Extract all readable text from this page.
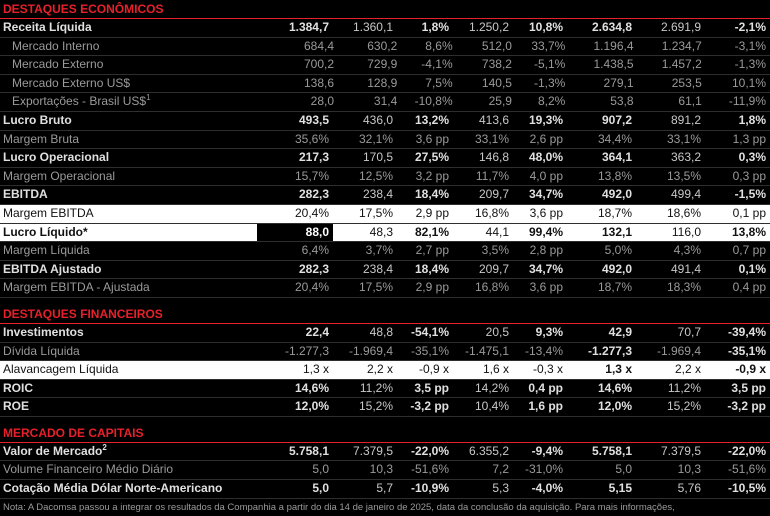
DESTAQUES ECONÔMICOS
Receita Líquida	1.384,7	1.360,1	1,8%	1.250,2	10,8%	2.634,8	2.691,9	-2,1%
Mercado Interno	684,4	630,2	8,6%	512,0	33,7%	1.196,4	1.234,7	-3,1%
Mercado Externo	700,2	729,9	-4,1%	738,2	-5,1%	1.438,5	1.457,2	-1,3%
Mercado Externo US$	138,6	128,9	7,5%	140,5	-1,3%	279,1	253,5	10,1%
Exportações - Brasil US\$$^1$	28,0	31,4	-10,8%	25,9	8,2%	53,8	61,1	-11,9%
Lucro Bruto	493,5	436,0	13,2%	413,6	19,3%	907,2	891,2	1,8%
Margem Bruta	35,6%	32,1%	3,6 pp	33,1%	2,6 pp	34,4%	33,1%	1,3 pp
Lucro Operacional	217,3	170,5	27,5%	146,8	48,0%	364,1	363,2	0,3%
Margem Operacional	15,7%	12,5%	3,2 pp	11,7%	4,0 pp	13,8%	13,5%	0,3 pp
EBITDA	282,3	238,4	18,4%	209,7	34,7%	492,0	499,4	-1,5%
Margem EBITDA	20,4%	17,5%	2,9 pp	16,8%	3,6 pp	18,7%	18,6%	0,1 pp
Lucro Líquido*	88,0	48,3	82,1%	44,1	99,4%	132,1	116,0	13,8%
Margem Líquida	6,4%	3,7%	2,7 pp	3,5%	2,8 pp	5,0%	4,3%	0,7 pp
EBITDA Ajustado	282,3	238,4	18,4%	209,7	34,7%	492,0	491,4	0,1%
Margem EBITDA - Ajustada	20,4%	17,5%	2,9 pp	16,8%	3,6 pp	18,7%	18,3%	0,4 pp
DESTAQUES FINANCEIROS
Investimentos	22,4	48,8	-54,1%	20,5	9,3%	42,9	70,7	-39,4%
Dívida Líquida	-1.277,3	-1.969,4	-35,1%	-1.475,1	-13,4%	-1.277,3	-1.969,4	-35,1%
Alavancagem Líquida	1,3 x	2,2 x	-0,9 x	1,6 x	-0,3 x	1,3 x	2,2 x	-0,9 x
ROIC	14,6%	11,2%	3,5 pp	14,2%	0,4 pp	14,6%	11,2%	3,5 pp
ROE	12,0%	15,2%	-3,2 pp	10,4%	1,6 pp	12,0%	15,2%	-3,2 pp
MERCADO DE CAPITAIS
Valor de Mercado$^2$	5.758,1	7.379,5	-22,0%	6.355,2	-9,4%	5.758,1	7.379,5	-22,0%
Volume Financeiro Médio Diário	5,0	10,3	-51,6%	7,2	-31,0%	5,0	10,3	-51,6%
Cotação Média Dólar Norte-Americano	5,0	5,7	-10,9%	5,3	-4,0%	5,15	5,76	-10,5%
Nota: A Dacomsa passou a integrar os resultados da Companhia a partir do dia 14 de janeiro de 2025, data da conclusão da aquisição. Para mais informações,
